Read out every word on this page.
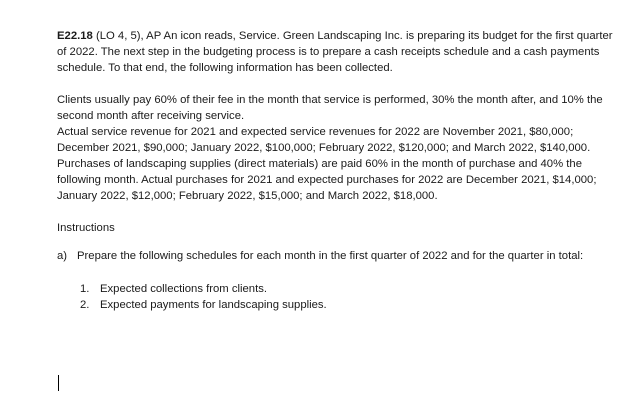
E22.18 (LO 4, 5), AP An icon reads, Service. Green Landscaping Inc. is preparing its budget for the first quarter of 2022. The next step in the budgeting process is to prepare a cash receipts schedule and a cash payments schedule. To that end, the following information has been collected.

Clients usually pay 60% of their fee in the month that service is performed, 30% the month after, and 10% the second month after receiving service.

Actual service revenue for 2021 and expected service revenues for 2022 are November 2021, $80,000; December 2021, $90,000; January 2022, $100,000; February 2022, $120,000; and March 2022, $140,000.

Purchases of landscaping supplies (direct materials) are paid 60% in the month of purchase and 40% the following month. Actual purchases for 2021 and expected purchases for 2022 are December 2021, $14,000; January 2022, $12,000; February 2022, $15,000; and March 2022, $18,000.

Instructions

a) Prepare the following schedules for each month in the first quarter of 2022 and for the quarter in total:
1. Expected collections from clients.
2. Expected payments for landscaping supplies.
